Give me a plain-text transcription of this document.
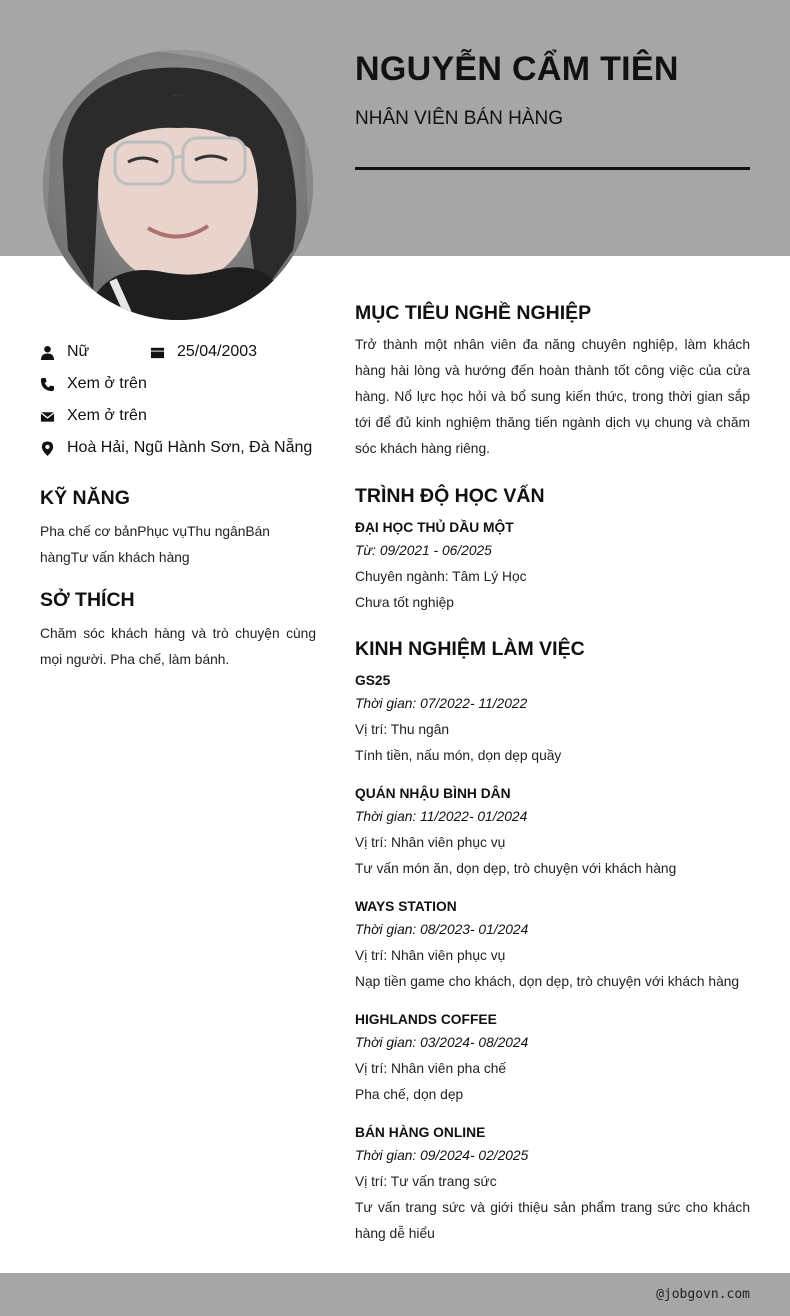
NGUYỄN CẨM TIÊN
NHÂN VIÊN BÁN HÀNG
Nữ	25/04/2003
Xem ở trên
Xem ở trên
Hoà Hải, Ngũ Hành Sơn, Đà Nẵng
KỸ NĂNG
Pha chế cơ bảnPhục vụThu ngânBán hàngTư vấn khách hàng
SỞ THÍCH
Chăm sóc khách hàng và trò chuyện cùng mọi người. Pha chế, làm bánh.
MỤC TIÊU NGHỀ NGHIỆP
Trở thành một nhân viên đa năng chuyên nghiệp, làm khách hàng hài lòng và hướng đến hoàn thành tốt công việc của cửa hàng. Nổ lực học hỏi và bổ sung kiến thức, trong thời gian sắp tới để đủ kinh nghiệm thăng tiến ngành dịch vụ chung và chăm sóc khách hàng riêng.
TRÌNH ĐỘ HỌC VẤN
ĐẠI HỌC THỦ DẦU MỘT
Từ: 09/2021 - 06/2025
Chuyên ngành: Tâm Lý Học
Chưa tốt nghiệp
KINH NGHIỆM LÀM VIỆC
GS25
Thời gian: 07/2022- 11/2022
Vị trí: Thu ngân
Tính tiền, nấu món, dọn dẹp quầy
QUÁN NHẬU BÌNH DÂN
Thời gian: 11/2022- 01/2024
Vị trí: Nhân viên phục vụ
Tư vấn món ăn, dọn dẹp, trò chuyện với khách hàng
WAYS STATION
Thời gian: 08/2023- 01/2024
Vị trí: Nhân viên phục vụ
Nạp tiền game cho khách, dọn dẹp, trò chuyện với khách hàng
HIGHLANDS COFFEE
Thời gian: 03/2024- 08/2024
Vị trí: Nhân viên pha chế
Pha chế, dọn dẹp
BÁN HÀNG ONLINE
Thời gian: 09/2024- 02/2025
Vị trí: Tư vấn trang sức
Tư vấn trang sức và giới thiệu sản phẩm trang sức cho khách hàng dễ hiểu
@jobgovn.com
